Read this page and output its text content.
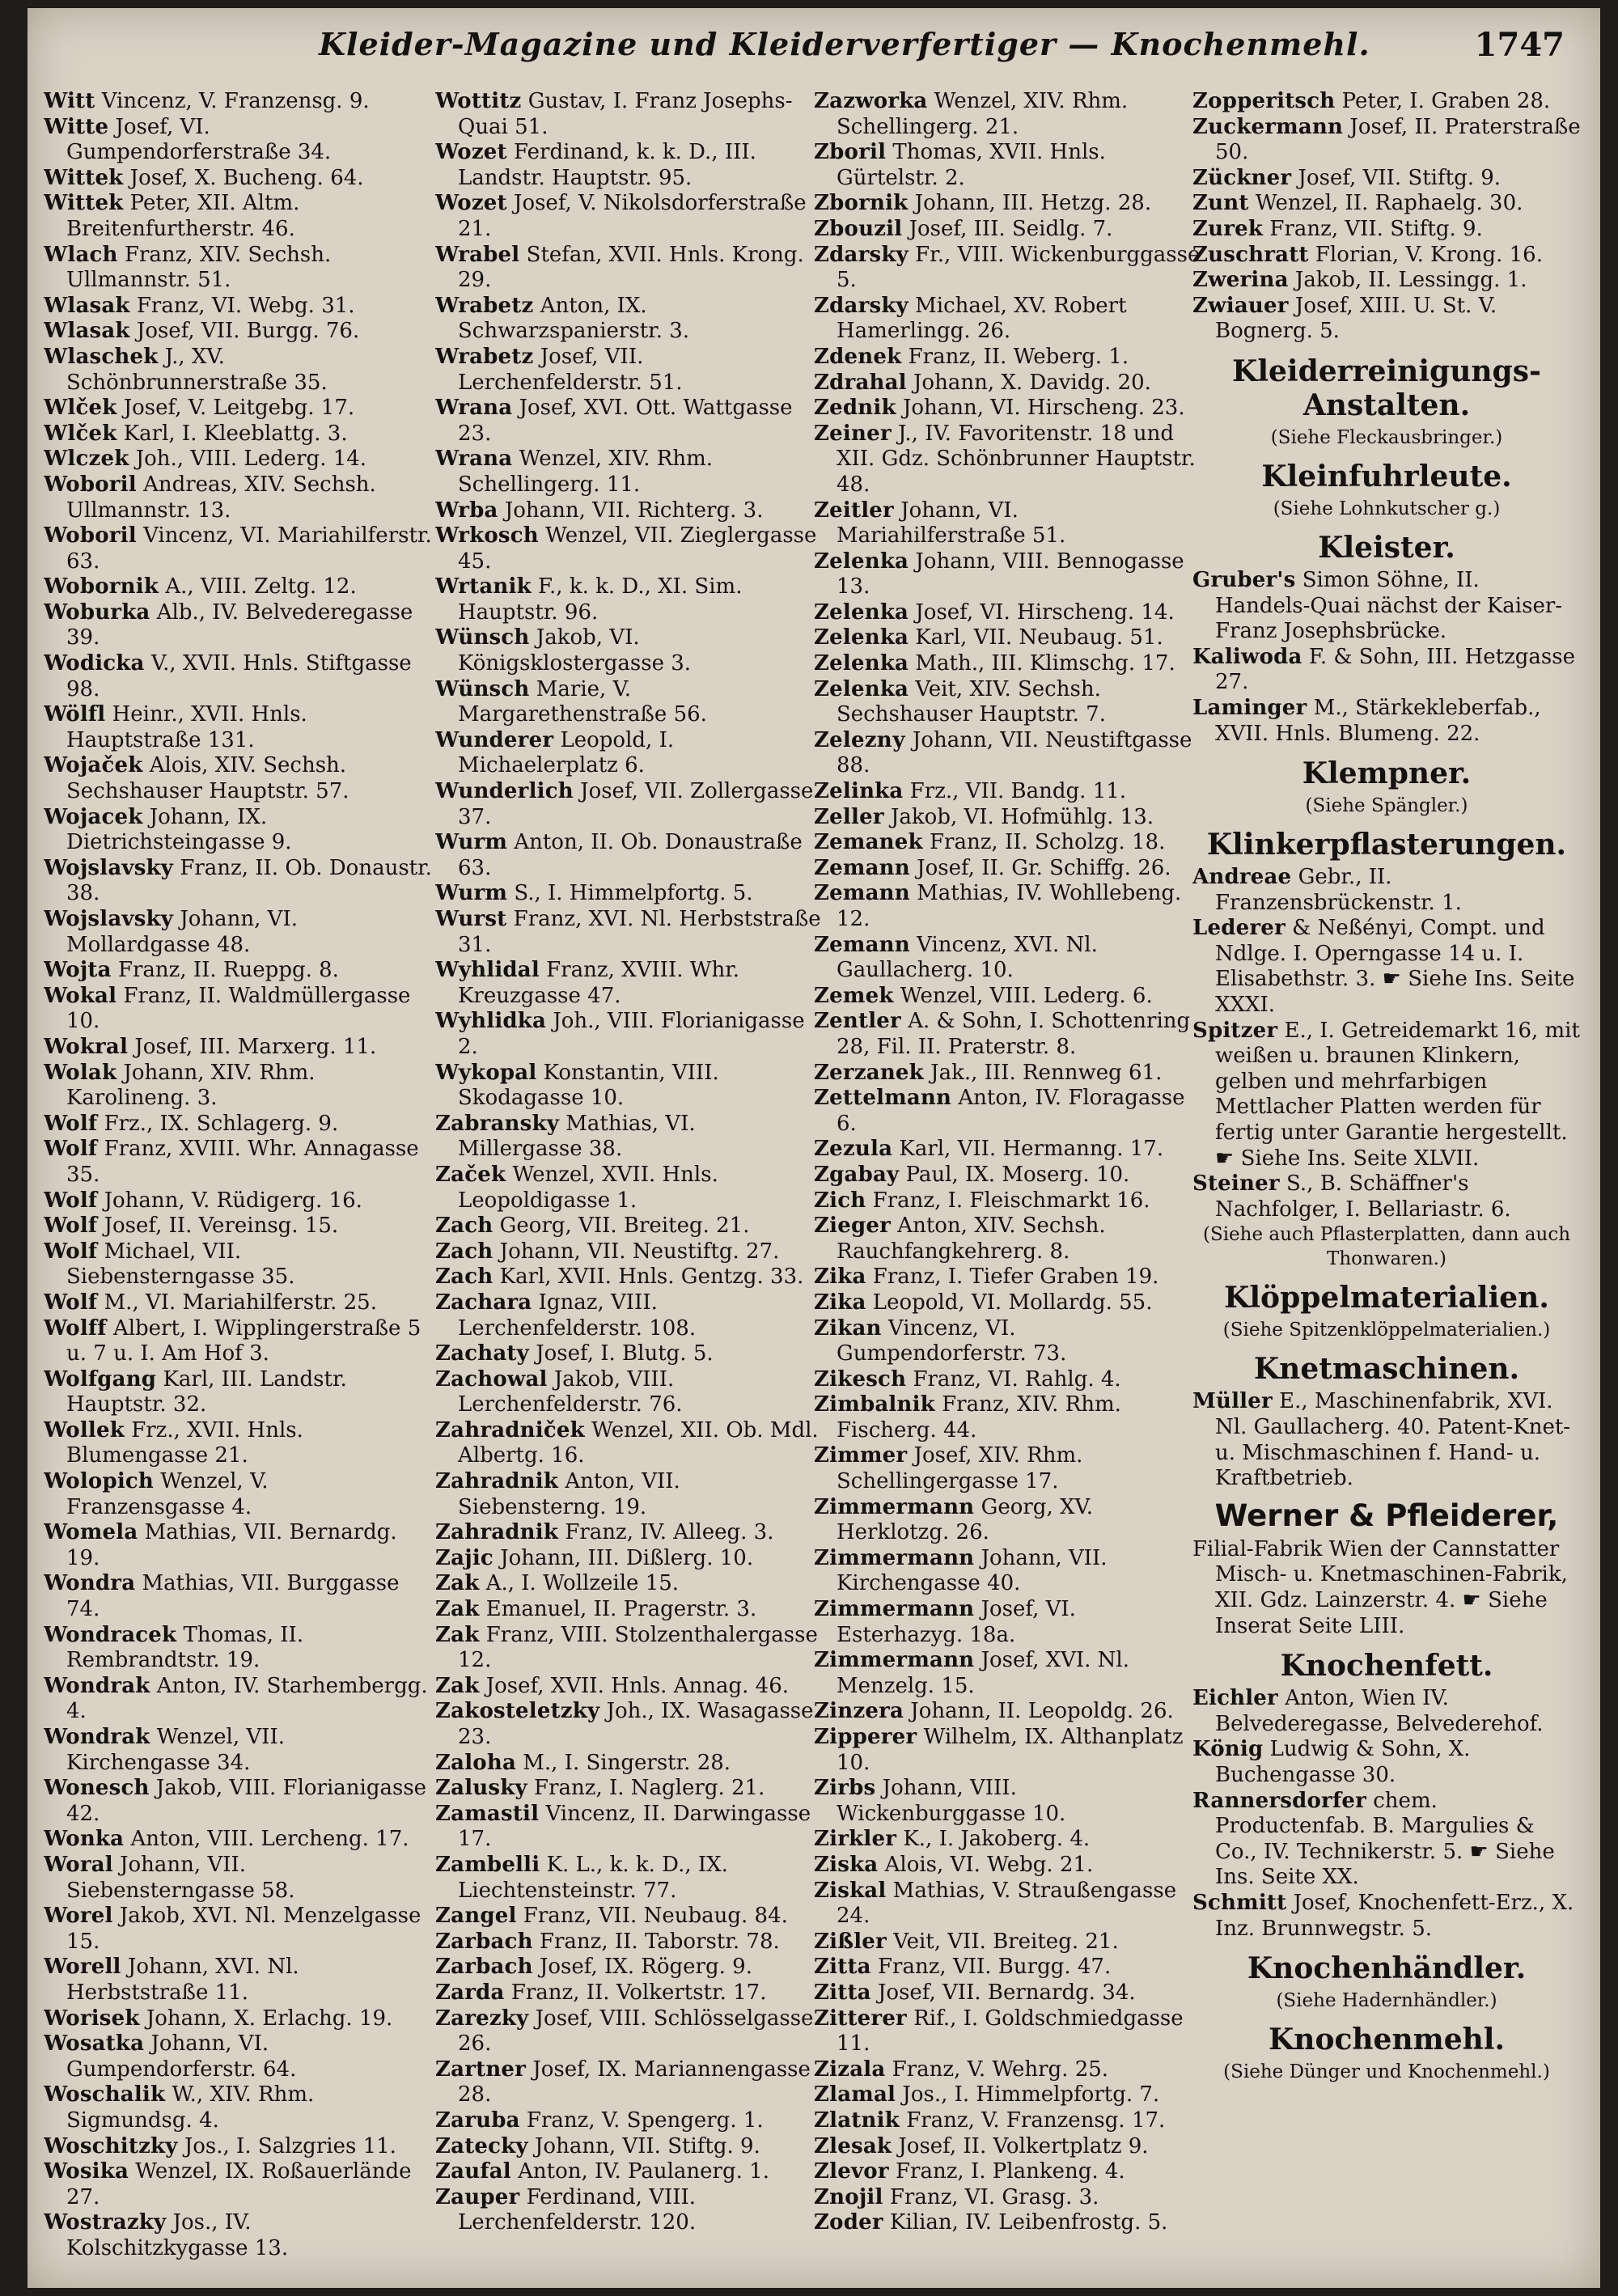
Kleider-Magazine und Kleiderverfertiger — Knochenmehl.	1747

Witt Vincenz, V. Franzensg. 9.

Witte Josef, VI. Gumpendorferstraße 34.

Wittek Josef, X. Bucheng. 64.

Wittek Peter, XII. Altm. Breitenfurtherstr. 46.

Wlach Franz, XIV. Sechsh. Ullmannstr. 51.

Wlasak Franz, VI. Webg. 31.

Wlasak Josef, VII. Burgg. 76.

Wlaschek J., XV. Schönbrunnerstraße 35.

Wlček Josef, V. Leitgebg. 17.

Wlček Karl, I. Kleeblattg. 3.

Wlczek Joh., VIII. Lederg. 14.

Woboril Andreas, XIV. Sechsh. Ullmannstr. 13.

Woboril Vincenz, VI. Mariahilferstr. 63.

Wobornik A., VIII. Zeltg. 12.

Woburka Alb., IV. Belvederegasse 39.

Wodicka V., XVII. Hnls. Stiftgasse 98.

Wölfl Heinr., XVII. Hnls. Hauptstraße 131.

Wojaček Alois, XIV. Sechsh. Sechshauser Hauptstr. 57.

Wojacek Johann, IX. Dietrichsteingasse 9.

Wojslavsky Franz, II. Ob. Donaustr. 38.

Wojslavsky Johann, VI. Mollardgasse 48.

Wojta Franz, II. Rueppg. 8.

Wokal Franz, II. Waldmüllergasse 10.

Wokral Josef, III. Marxerg. 11.

Wolak Johann, XIV. Rhm. Karolineng. 3.

Wolf Frz., IX. Schlagerg. 9.

Wolf Franz, XVIII. Whr. Annagasse 35.

Wolf Johann, V. Rüdigerg. 16.

Wolf Josef, II. Vereinsg. 15.

Wolf Michael, VII. Siebensterngasse 35.

Wolf M., VI. Mariahilferstr. 25.

Wolff Albert, I. Wipplingerstraße 5 u. 7 u. I. Am Hof 3.

Wolfgang Karl, III. Landstr. Hauptstr. 32.

Wollek Frz., XVII. Hnls. Blumengasse 21.

Wolopich Wenzel, V. Franzensgasse 4.

Womela Mathias, VII. Bernardg. 19.

Wondra Mathias, VII. Burggasse 74.

Wondracek Thomas, II. Rembrandtstr. 19.

Wondrak Anton, IV. Starhembergg. 4.

Wondrak Wenzel, VII. Kirchengasse 34.

Wonesch Jakob, VIII. Florianigasse 42.

Wonka Anton, VIII. Lercheng. 17.

Woral Johann, VII. Siebensterngasse 58.

Worel Jakob, XVI. Nl. Menzelgasse 15.

Worell Johann, XVI. Nl. Herbststraße 11.

Worisek Johann, X. Erlachg. 19.

Wosatka Johann, VI. Gumpendorferstr. 64.

Woschalik W., XIV. Rhm. Sigmundsg. 4.

Woschitzky Jos., I. Salzgries 11.

Wosika Wenzel, IX. Roßauerlände 27.

Wostrazky Jos., IV. Kolschitzkygasse 13.

Wottitz Gustav, I. Franz Josephs-Quai 51.

Wozet Ferdinand, k. k. D., III. Landstr. Hauptstr. 95.

Wozet Josef, V. Nikolsdorferstraße 21.

Wrabel Stefan, XVII. Hnls. Krong. 29.

Wrabetz Anton, IX. Schwarzspanierstr. 3.

Wrabetz Josef, VII. Lerchenfelderstr. 51.

Wrana Josef, XVI. Ott. Wattgasse 23.

Wrana Wenzel, XIV. Rhm. Schellingerg. 11.

Wrba Johann, VII. Richterg. 3.

Wrkosch Wenzel, VII. Zieglergasse 45.

Wrtanik F., k. k. D., XI. Sim. Hauptstr. 96.

Wünsch Jakob, VI. Königsklostergasse 3.

Wünsch Marie, V. Margarethenstraße 56.

Wunderer Leopold, I. Michaelerplatz 6.

Wunderlich Josef, VII. Zollergasse 37.

Wurm Anton, II. Ob. Donaustraße 63.

Wurm S., I. Himmelpfortg. 5.

Wurst Franz, XVI. Nl. Herbststraße 31.

Wyhlidal Franz, XVIII. Whr. Kreuzgasse 47.

Wyhlidka Joh., VIII. Florianigasse 2.

Wykopal Konstantin, VIII. Skodagasse 10.

Zabransky Mathias, VI. Millergasse 38.

Začek Wenzel, XVII. Hnls. Leopoldigasse 1.

Zach Georg, VII. Breiteg. 21.

Zach Johann, VII. Neustiftg. 27.

Zach Karl, XVII. Hnls. Gentzg. 33.

Zachara Ignaz, VIII. Lerchenfelderstr. 108.

Zachaty Josef, I. Blutg. 5.

Zachowal Jakob, VIII. Lerchenfelderstr. 76.

Zahradniček Wenzel, XII. Ob. Mdl. Albertg. 16.

Zahradnik Anton, VII. Siebensterng. 19.

Zahradnik Franz, IV. Alleeg. 3.

Zajic Johann, III. Dißlerg. 10.

Zak A., I. Wollzeile 15.

Zak Emanuel, II. Pragerstr. 3.

Zak Franz, VIII. Stolzenthalergasse 12.

Zak Josef, XVII. Hnls. Annag. 46.

Zakosteletzky Joh., IX. Wasagasse 23.

Zaloha M., I. Singerstr. 28.

Zalusky Franz, I. Naglerg. 21.

Zamastil Vincenz, II. Darwingasse 17.

Zambelli K. L., k. k. D., IX. Liechtensteinstr. 77.

Zangel Franz, VII. Neubaug. 84.

Zarbach Franz, II. Taborstr. 78.

Zarbach Josef, IX. Rögerg. 9.

Zarda Franz, II. Volkertstr. 17.

Zarezky Josef, VIII. Schlösselgasse 26.

Zartner Josef, IX. Mariannengasse 28.

Zaruba Franz, V. Spengerg. 1.

Zatecky Johann, VII. Stiftg. 9.

Zaufal Anton, IV. Paulanerg. 1.

Zauper Ferdinand, VIII. Lerchenfelderstr. 120.

Zazworka Wenzel, XIV. Rhm. Schellingerg. 21.

Zboril Thomas, XVII. Hnls. Gürtelstr. 2.

Zbornik Johann, III. Hetzg. 28.

Zbouzil Josef, III. Seidlg. 7.

Zdarsky Fr., VIII. Wickenburggasse 5.

Zdarsky Michael, XV. Robert Hamerlingg. 26.

Zdenek Franz, II. Weberg. 1.

Zdrahal Johann, X. Davidg. 20.

Zednik Johann, VI. Hirscheng. 23.

Zeiner J., IV. Favoritenstr. 18 und XII. Gdz. Schönbrunner Hauptstr. 48.

Zeitler Johann, VI. Mariahilferstraße 51.

Zelenka Johann, VIII. Bennogasse 13.

Zelenka Josef, VI. Hirscheng. 14.

Zelenka Karl, VII. Neubaug. 51.

Zelenka Math., III. Klimschg. 17.

Zelenka Veit, XIV. Sechsh. Sechshauser Hauptstr. 7.

Zeleznу Johann, VII. Neustiftgasse 88.

Zelinka Frz., VII. Bandg. 11.

Zeller Jakob, VI. Hofmühlg. 13.

Zemanek Franz, II. Scholzg. 18.

Zemann Josef, II. Gr. Schiffg. 26.

Zemann Mathias, IV. Wohllebeng. 12.

Zemann Vincenz, XVI. Nl. Gaullacherg. 10.

Zemek Wenzel, VIII. Lederg. 6.

Zentler A. & Sohn, I. Schottenring 28, Fil. II. Praterstr. 8.

Zerzanek Jak., III. Rennweg 61.

Zettelmann Anton, IV. Floragasse 6.

Zezula Karl, VII. Hermanng. 17.

Zgabay Paul, IX. Moserg. 10.

Zich Franz, I. Fleischmarkt 16.

Zieger Anton, XIV. Sechsh. Rauchfangkehrerg. 8.

Zika Franz, I. Tiefer Graben 19.

Zika Leopold, VI. Mollardg. 55.

Zikan Vincenz, VI. Gumpendorferstr. 73.

Zikesch Franz, VI. Rahlg. 4.

Zimbalnik Franz, XIV. Rhm. Fischerg. 44.

Zimmer Josef, XIV. Rhm. Schellingergasse 17.

Zimmermann Georg, XV. Herklotzg. 26.

Zimmermann Johann, VII. Kirchengasse 40.

Zimmermann Josef, VI. Esterhazyg. 18a.

Zimmermann Josef, XVI. Nl. Menzelg. 15.

Zinzera Johann, II. Leopoldg. 26.

Zipperer Wilhelm, IX. Althanplatz 10.

Zirbs Johann, VIII. Wickenburggasse 10.

Zirkler K., I. Jakoberg. 4.

Ziska Alois, VI. Webg. 21.

Ziskal Mathias, V. Straußengasse 24.

Zißler Veit, VII. Breiteg. 21.

Zitta Franz, VII. Burgg. 47.

Zitta Josef, VII. Bernardg. 34.

Zitterer Rif., I. Goldschmiedgasse 11.

Zizala Franz, V. Wehrg. 25.

Zlamal Jos., I. Himmelpfortg. 7.

Zlatnik Franz, V. Franzensg. 17.

Zlesak Josef, II. Volkertplatz 9.

Zlevor Franz, I. Plankeng. 4.

Znojil Franz, VI. Grasg. 3.

Zoder Kilian, IV. Leibenfrostg. 5.

Zopperitsch Peter, I. Graben 28.

Zuckermann Josef, II. Praterstraße 50.

Zückner Josef, VII. Stiftg. 9.

Zunt Wenzel, II. Raphaelg. 30.

Zurek Franz, VII. Stiftg. 9.

Zuschratt Florian, V. Krong. 16.

Zwerina Jakob, II. Lessingg. 1.

Zwiauer Josef, XIII. U. St. V. Bognerg. 5.

Kleiderreinigungs-Anstalten.
(Siehe Fleckausbringer.)
Kleinfuhrleute.
(Siehe Lohnkutscher g.)
Kleister.

Gruber's Simon Söhne, II. Handels-Quai nächst der Kaiser-Franz Josephsbrücke.

Kaliwoda F. & Sohn, III. Hetzgasse 27.

Laminger M., Stärkekleberfab., XVII. Hnls. Blumeng. 22.

Klempner.
(Siehe Spängler.)
Klinkerpflasterungen.

Andreae Gebr., II. Franzensbrückenstr. 1.

Lederer & Neßényi, Compt. und Ndlge. I. Operngasse 14 u. I. Elisabethstr. 3. ☛ Siehe Ins. Seite XXXI.

Spitzer E., I. Getreidemarkt 16, mit weißen u. braunen Klinkern, gelben und mehrfarbigen Mettlacher Platten werden für fertig unter Garantie hergestellt. ☛ Siehe Ins. Seite XLVII.

Steiner S., B. Schäffner's Nachfolger, I. Bellariastr. 6.

(Siehe auch Pflasterplatten, dann auch Thonwaren.)
Klöppelmaterialien.
(Siehe Spitzenklöppelmaterialien.)
Knetmaschinen.

Müller E., Maschinenfabrik, XVI. Nl. Gaullacherg. 40. Patent-Knet- u. Mischmaschinen f. Hand- u. Kraftbetrieb.

Werner & Pfleiderer,

Filial-Fabrik Wien der Cannstatter Misch- u. Knetmaschinen-Fabrik, XII. Gdz. Lainzerstr. 4. ☛ Siehe Inserat Seite LIII.

Knochenfett.

Eichler Anton, Wien IV. Belvederegasse, Belvederehof.

König Ludwig & Sohn, X. Buchengasse 30.

Rannersdorfer chem. Productenfab. B. Margulies & Co., IV. Technikerstr. 5. ☛ Siehe Ins. Seite XX.

Schmitt Josef, Knochenfett-Erz., X. Inz. Brunnwegstr. 5.

Knochenhändler.
(Siehe Hadernhändler.)
Knochenmehl.
(Siehe Dünger und Knochenmehl.)
